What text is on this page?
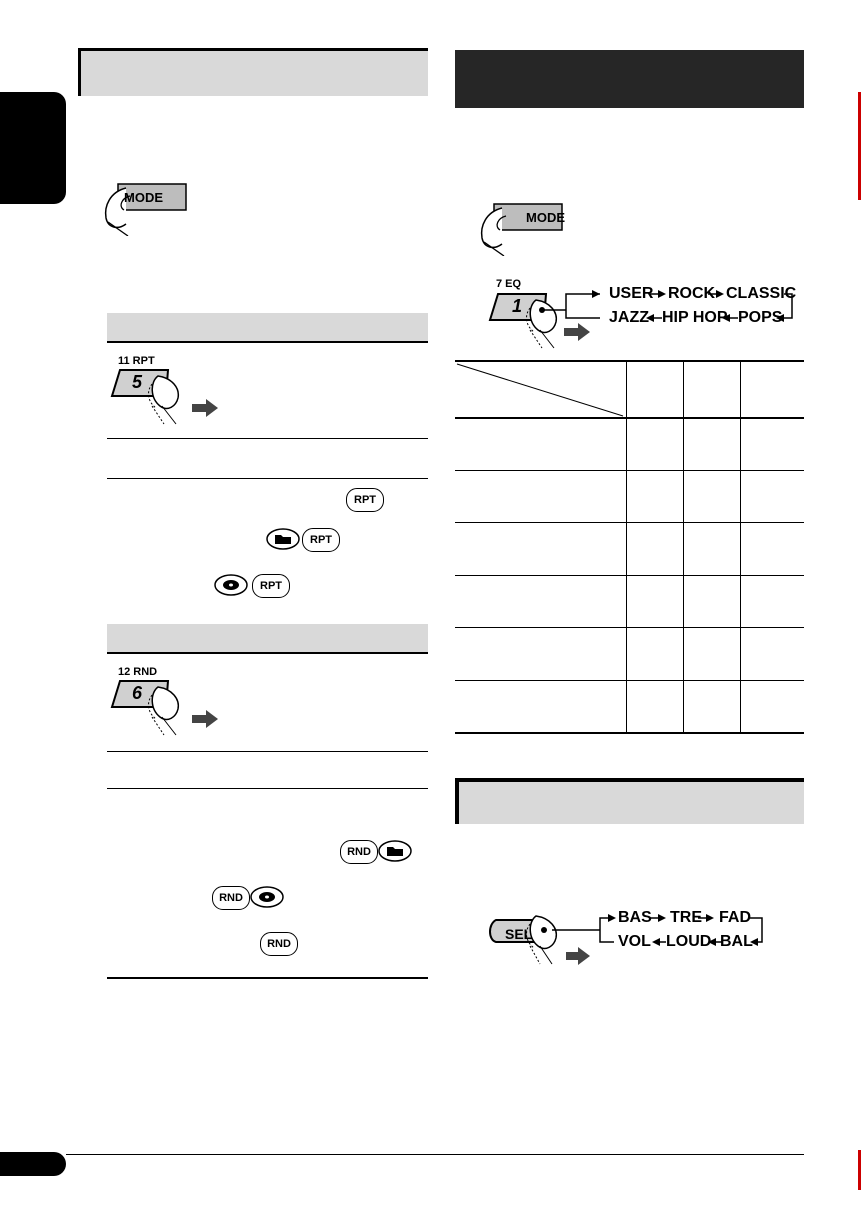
MODE
11 RPT
5
RPT
RPT
RPT
12 RND
6
RND
RND
RND
MODE
7 EQ
1
USER ROCK CLASSIC
JAZZ HIP HOP POPS
SEL
BAS TRE FAD
VOL LOUD BAL
